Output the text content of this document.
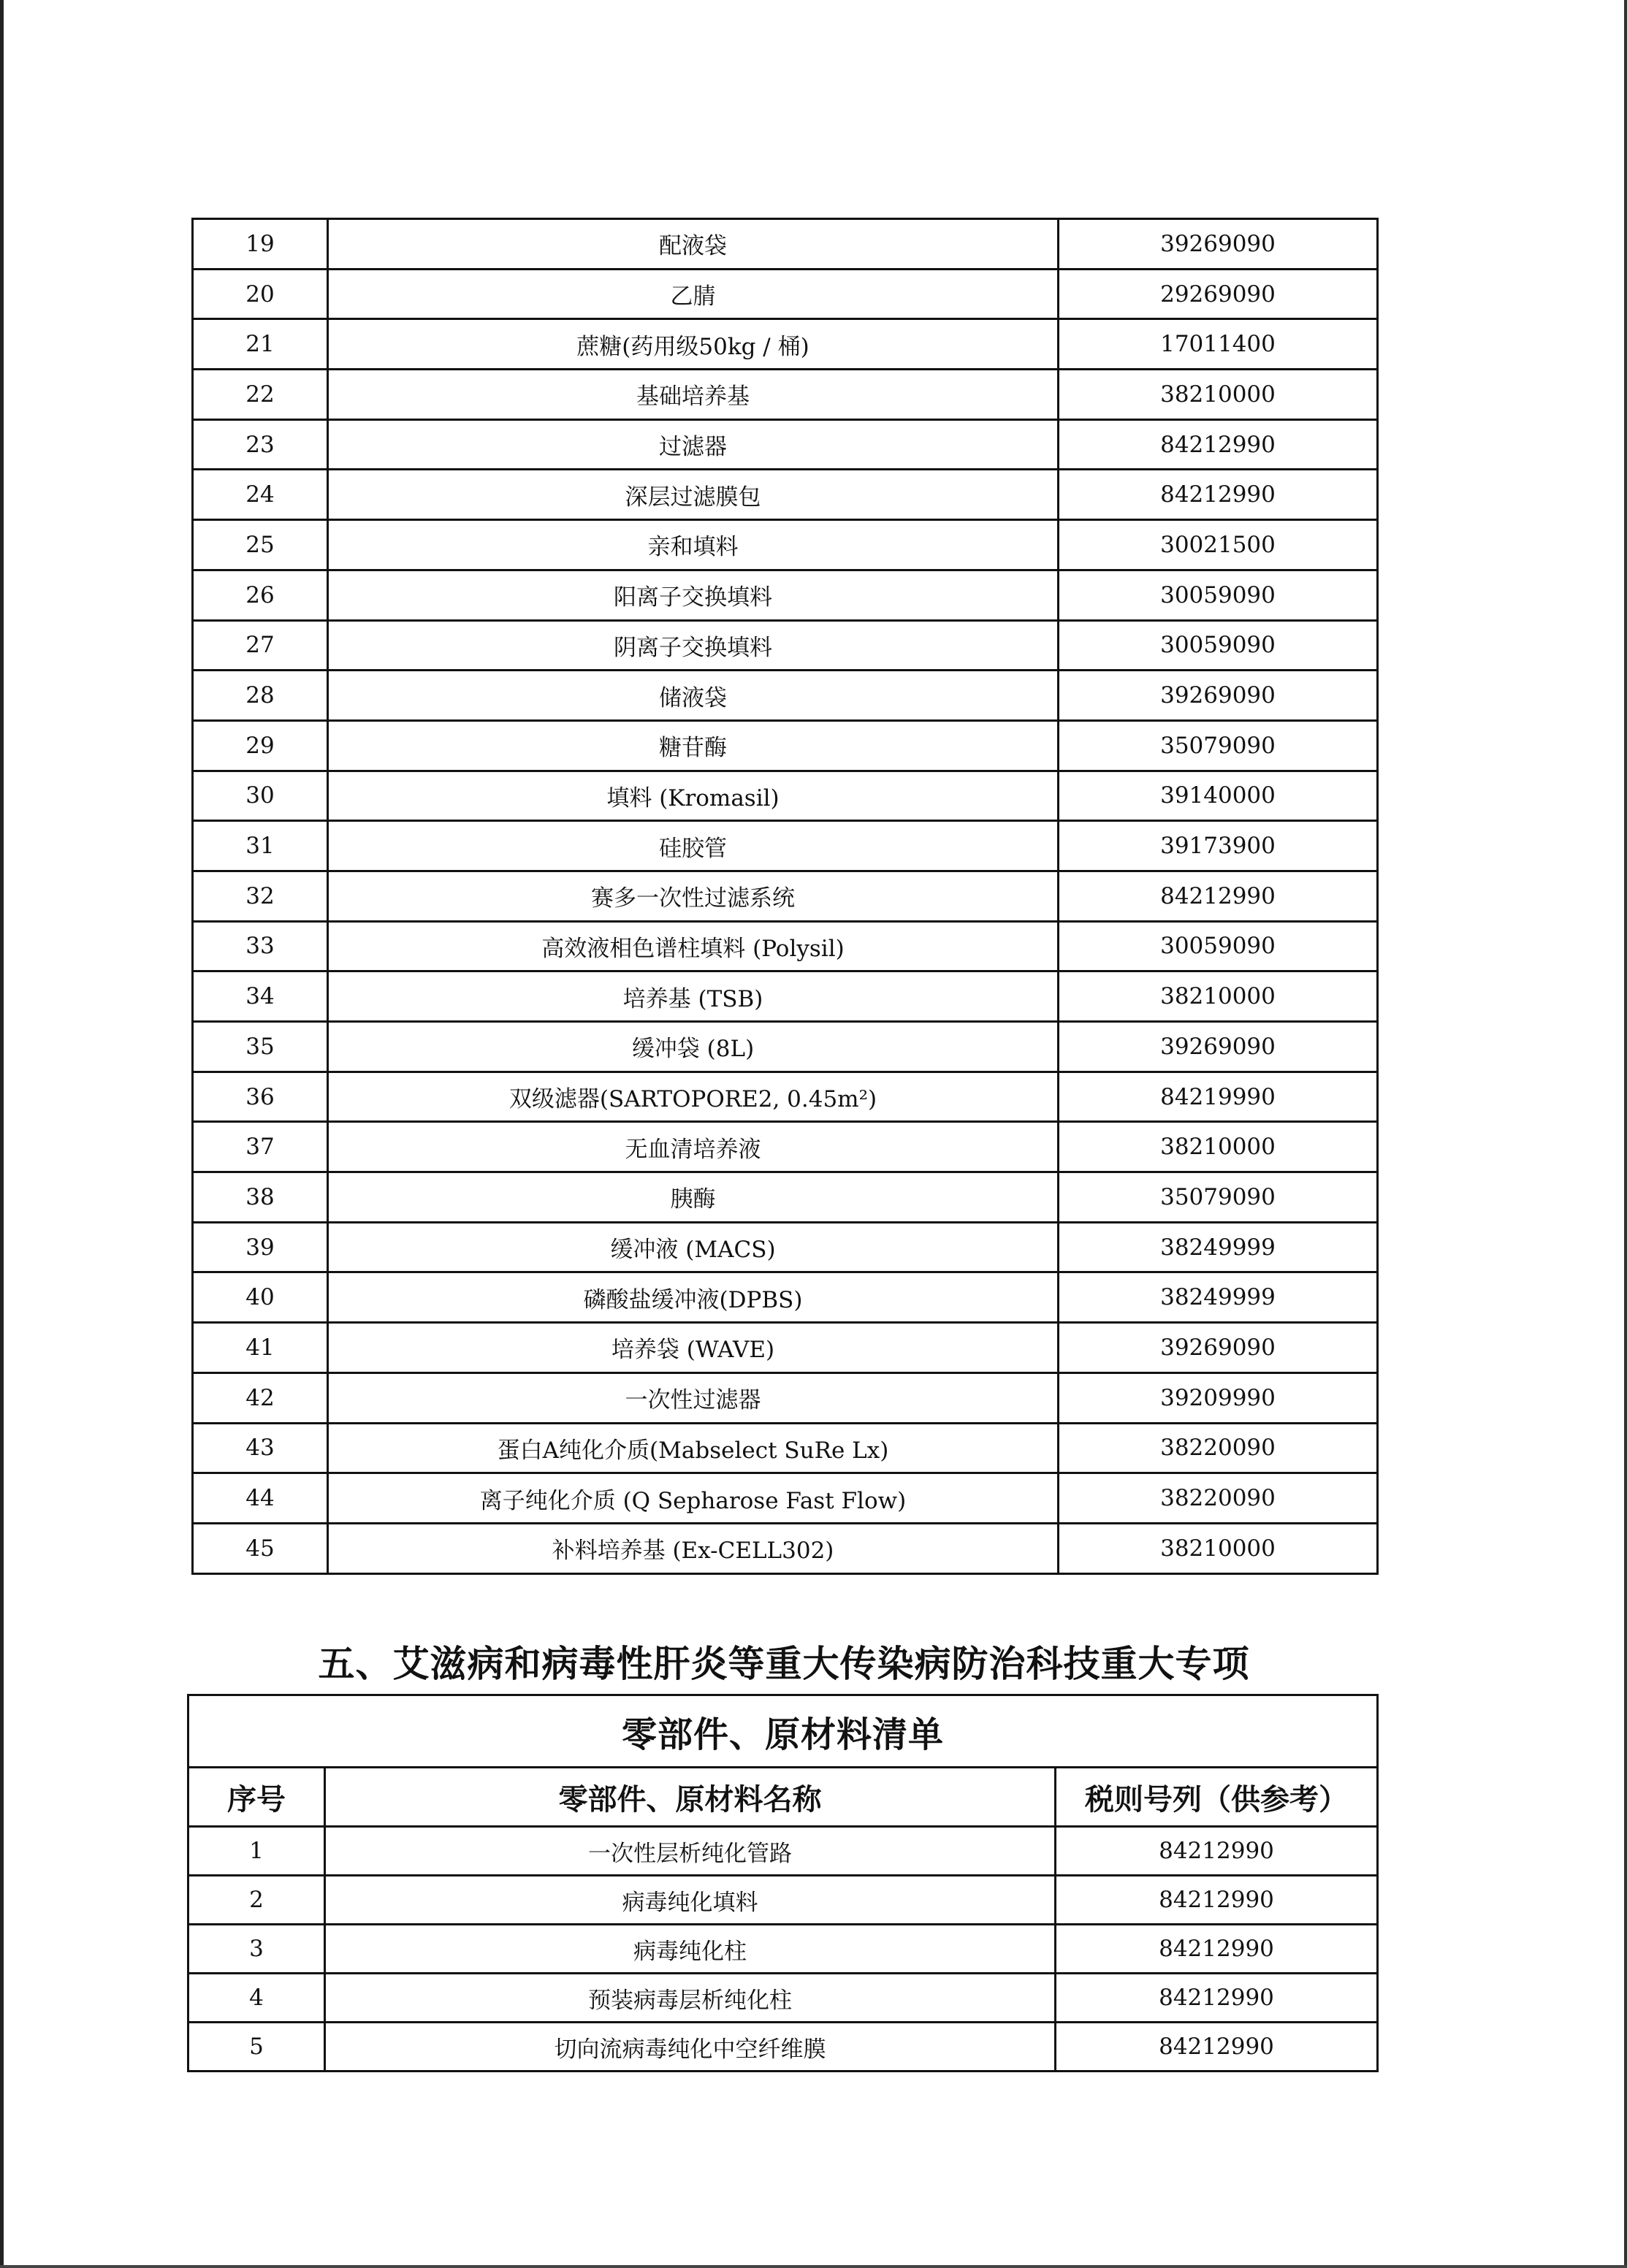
19	配液袋	39269090
20	乙腈	29269090
21	蔗糖(药用级50kg / 桶)	17011400
22	基础培养基	38210000
23	过滤器	84212990
24	深层过滤膜包	84212990
25	亲和填料	30021500
26	阳离子交换填料	30059090
27	阴离子交换填料	30059090
28	储液袋	39269090
29	糖苷酶	35079090
30	填料 (Kromasil)	39140000
31	硅胶管	39173900
32	赛多一次性过滤系统	84212990
33	高效液相色谱柱填料 (Polysil)	30059090
34	培养基 (TSB)	38210000
35	缓冲袋 (8L)	39269090
36	双级滤器(SARTOPORE2, 0.45m²)	84219990
37	无血清培养液	38210000
38	胰酶	35079090
39	缓冲液 (MACS)	38249999
40	磷酸盐缓冲液(DPBS)	38249999
41	培养袋 (WAVE)	39269090
42	一次性过滤器	39209990
43	蛋白A纯化介质(Mabselect SuRe Lx)	38220090
44	离子纯化介质 (Q Sepharose Fast Flow)	38220090
45	补料培养基 (Ex-CELL302)	38210000
五、艾滋病和病毒性肝炎等重大传染病防治科技重大专项
零部件、原材料清单		
序号	零部件、原材料名称	税则号列（供参考）
1	一次性层析纯化管路	84212990
2	病毒纯化填料	84212990
3	病毒纯化柱	84212990
4	预装病毒层析纯化柱	84212990
5	切向流病毒纯化中空纤维膜	84212990
